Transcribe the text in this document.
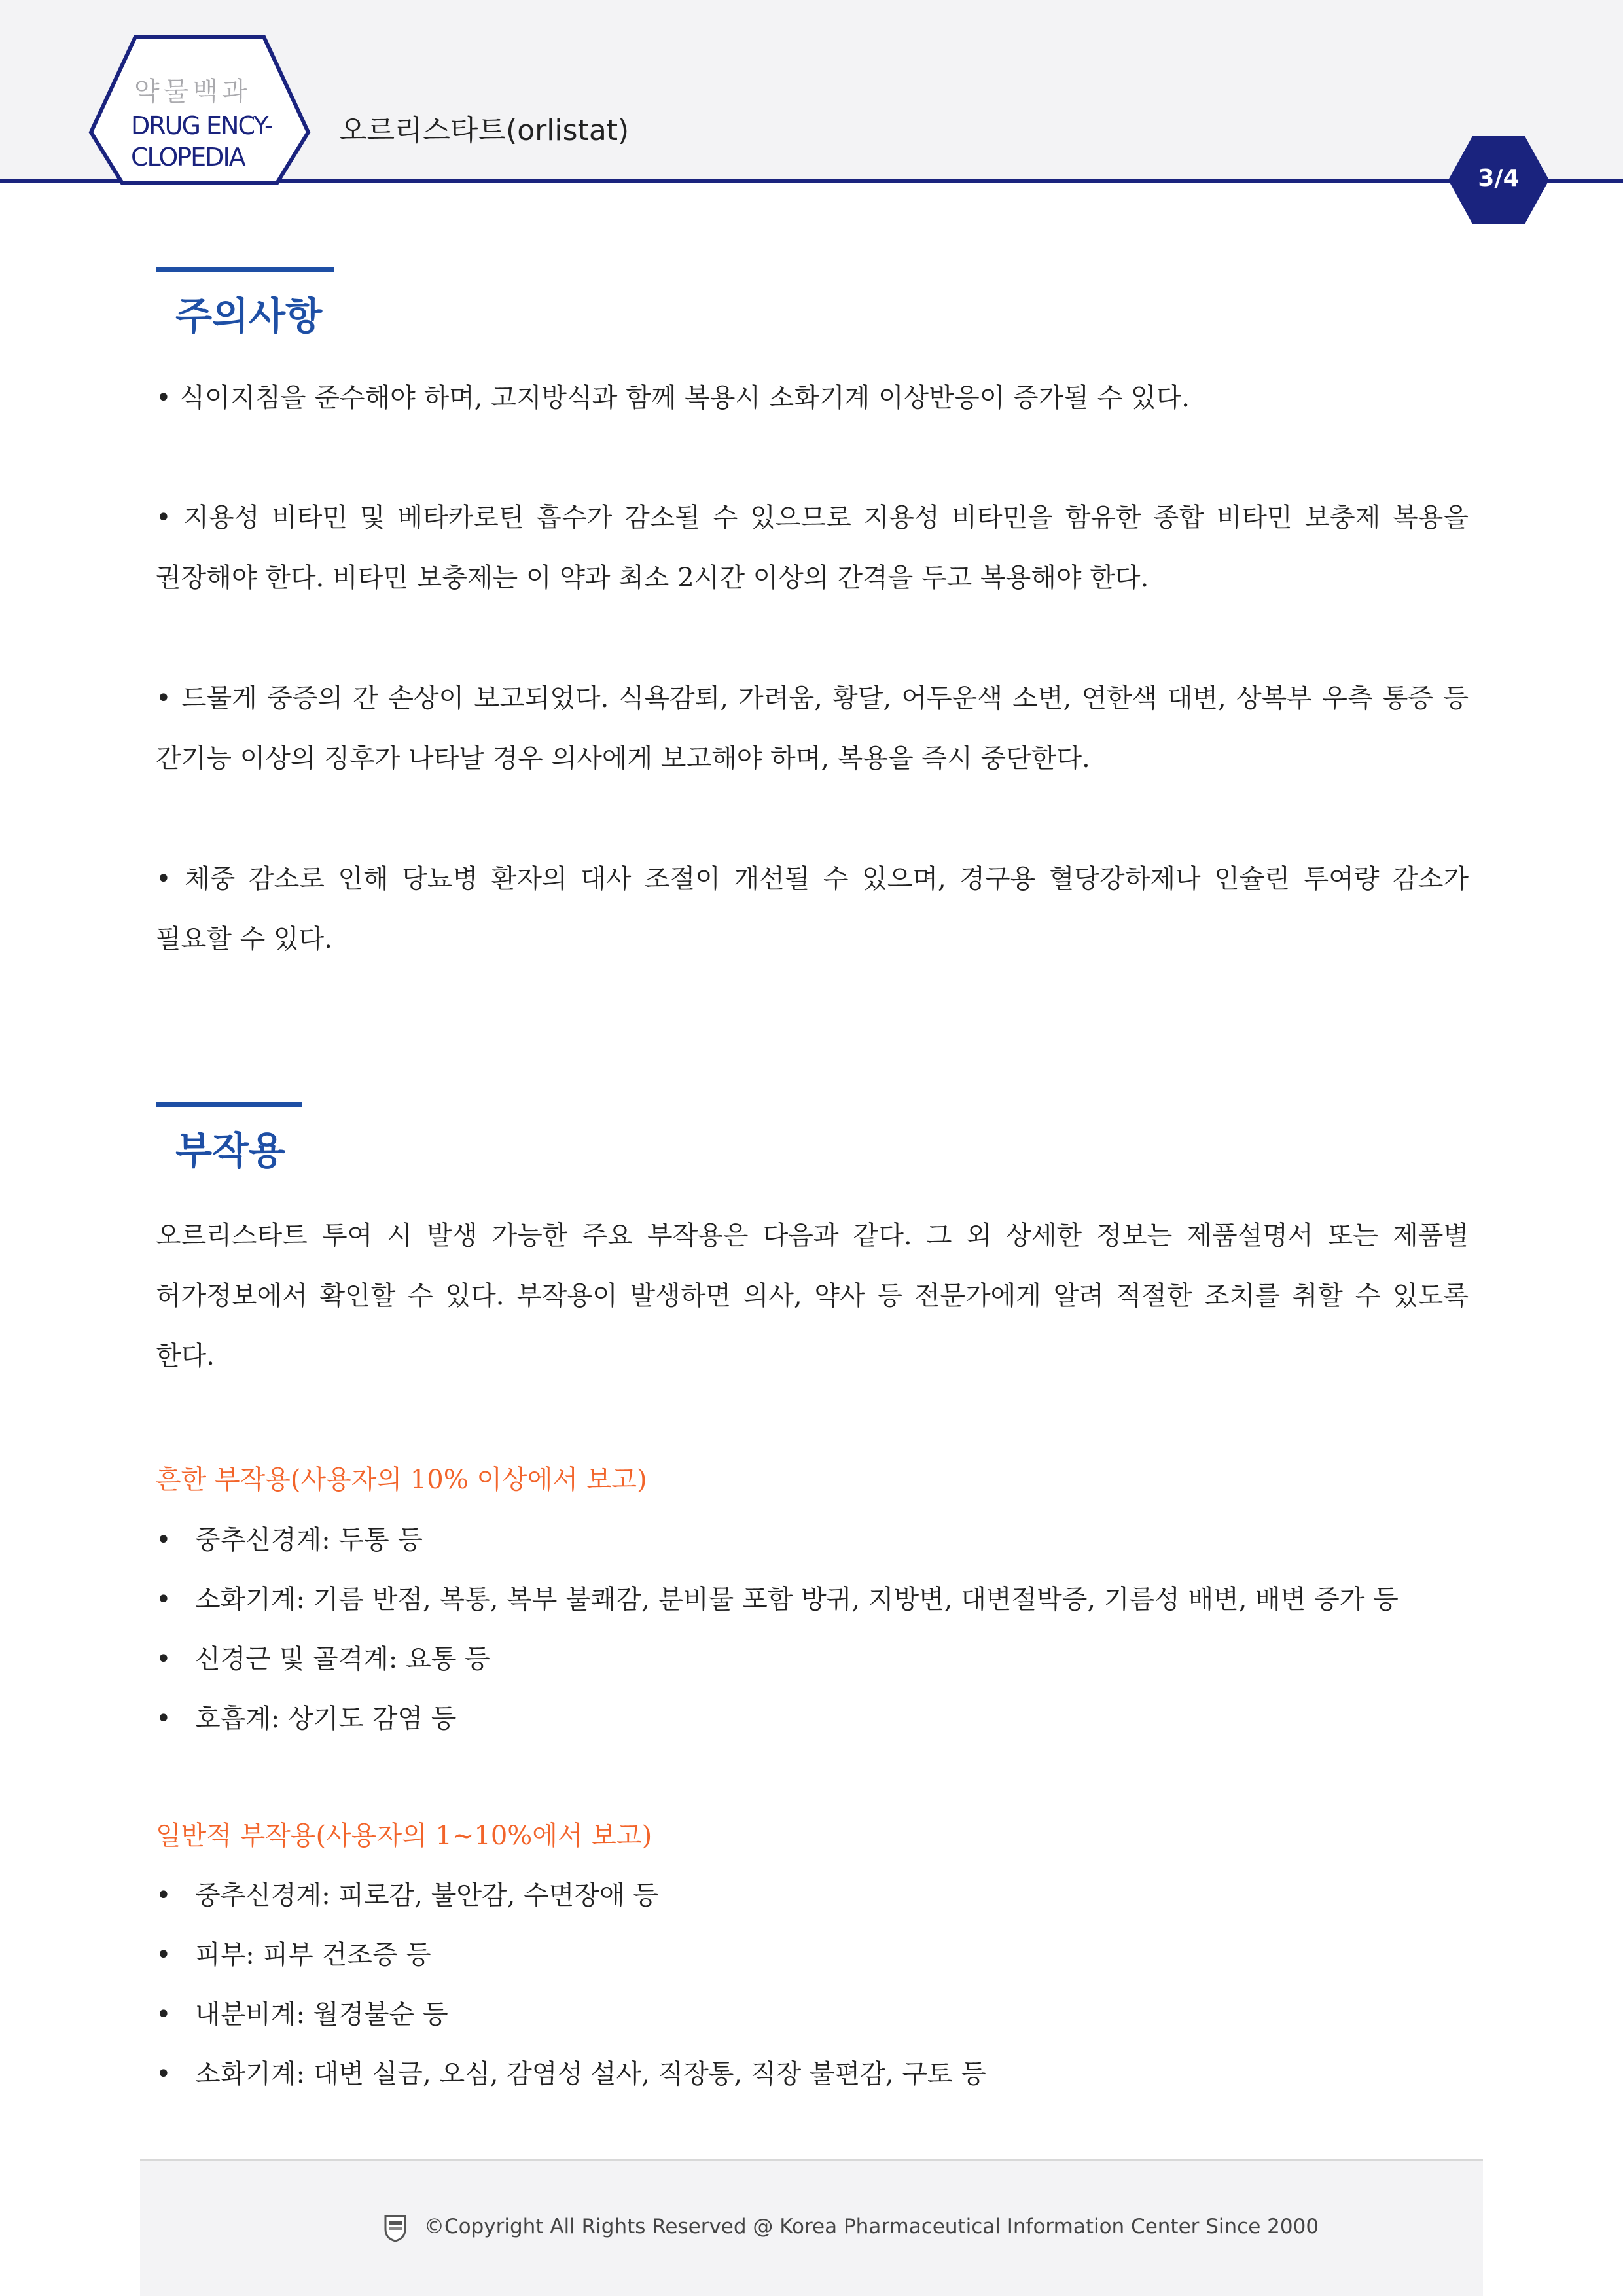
약물백과
DRUG ENCY-
CLOPEDIA
오르리스타트(orlistat)
3/4
주의사항
• 식이지침을 준수해야 하며, 고지방식과 함께 복용시 소화기계 이상반응이 증가될 수 있다.
• 지용성 비타민 및 베타카로틴 흡수가 감소될 수 있으므로 지용성 비타민을 함유한 종합 비타민 보충제 복용을 권장해야 한다. 비타민 보충제는 이 약과 최소 2시간 이상의 간격을 두고 복용해야 한다.
• 드물게 중증의 간 손상이 보고되었다. 식욕감퇴, 가려움, 황달, 어두운색 소변, 연한색 대변, 상복부 우측 통증 등 간기능 이상의 징후가 나타날 경우 의사에게 보고해야 하며, 복용을 즉시 중단한다.
• 체중 감소로 인해 당뇨병 환자의 대사 조절이 개선될 수 있으며, 경구용 혈당강하제나 인슐린 투여량 감소가 필요할 수 있다.
부작용
오르리스타트 투여 시 발생 가능한 주요 부작용은 다음과 같다. 그 외 상세한 정보는 제품설명서 또는 제품별 허가정보에서 확인할 수 있다. 부작용이 발생하면 의사, 약사 등 전문가에게 알려 적절한 조치를 취할 수 있도록 한다.
흔한 부작용(사용자의 10% 이상에서 보고)
• 중추신경계: 두통 등
• 소화기계: 기름 반점, 복통, 복부 불쾌감, 분비물 포함 방귀, 지방변, 대변절박증, 기름성 배변, 배변 증가 등
• 신경근 및 골격계: 요통 등
• 호흡계: 상기도 감염 등
일반적 부작용(사용자의 1~10%에서 보고)
• 중추신경계: 피로감, 불안감, 수면장애 등
• 피부: 피부 건조증 등
• 내분비계: 월경불순 등
• 소화기계: 대변 실금, 오심, 감염성 설사, 직장통, 직장 불편감, 구토 등
©Copyright All Rights Reserved @ Korea Pharmaceutical Information Center Since 2000
